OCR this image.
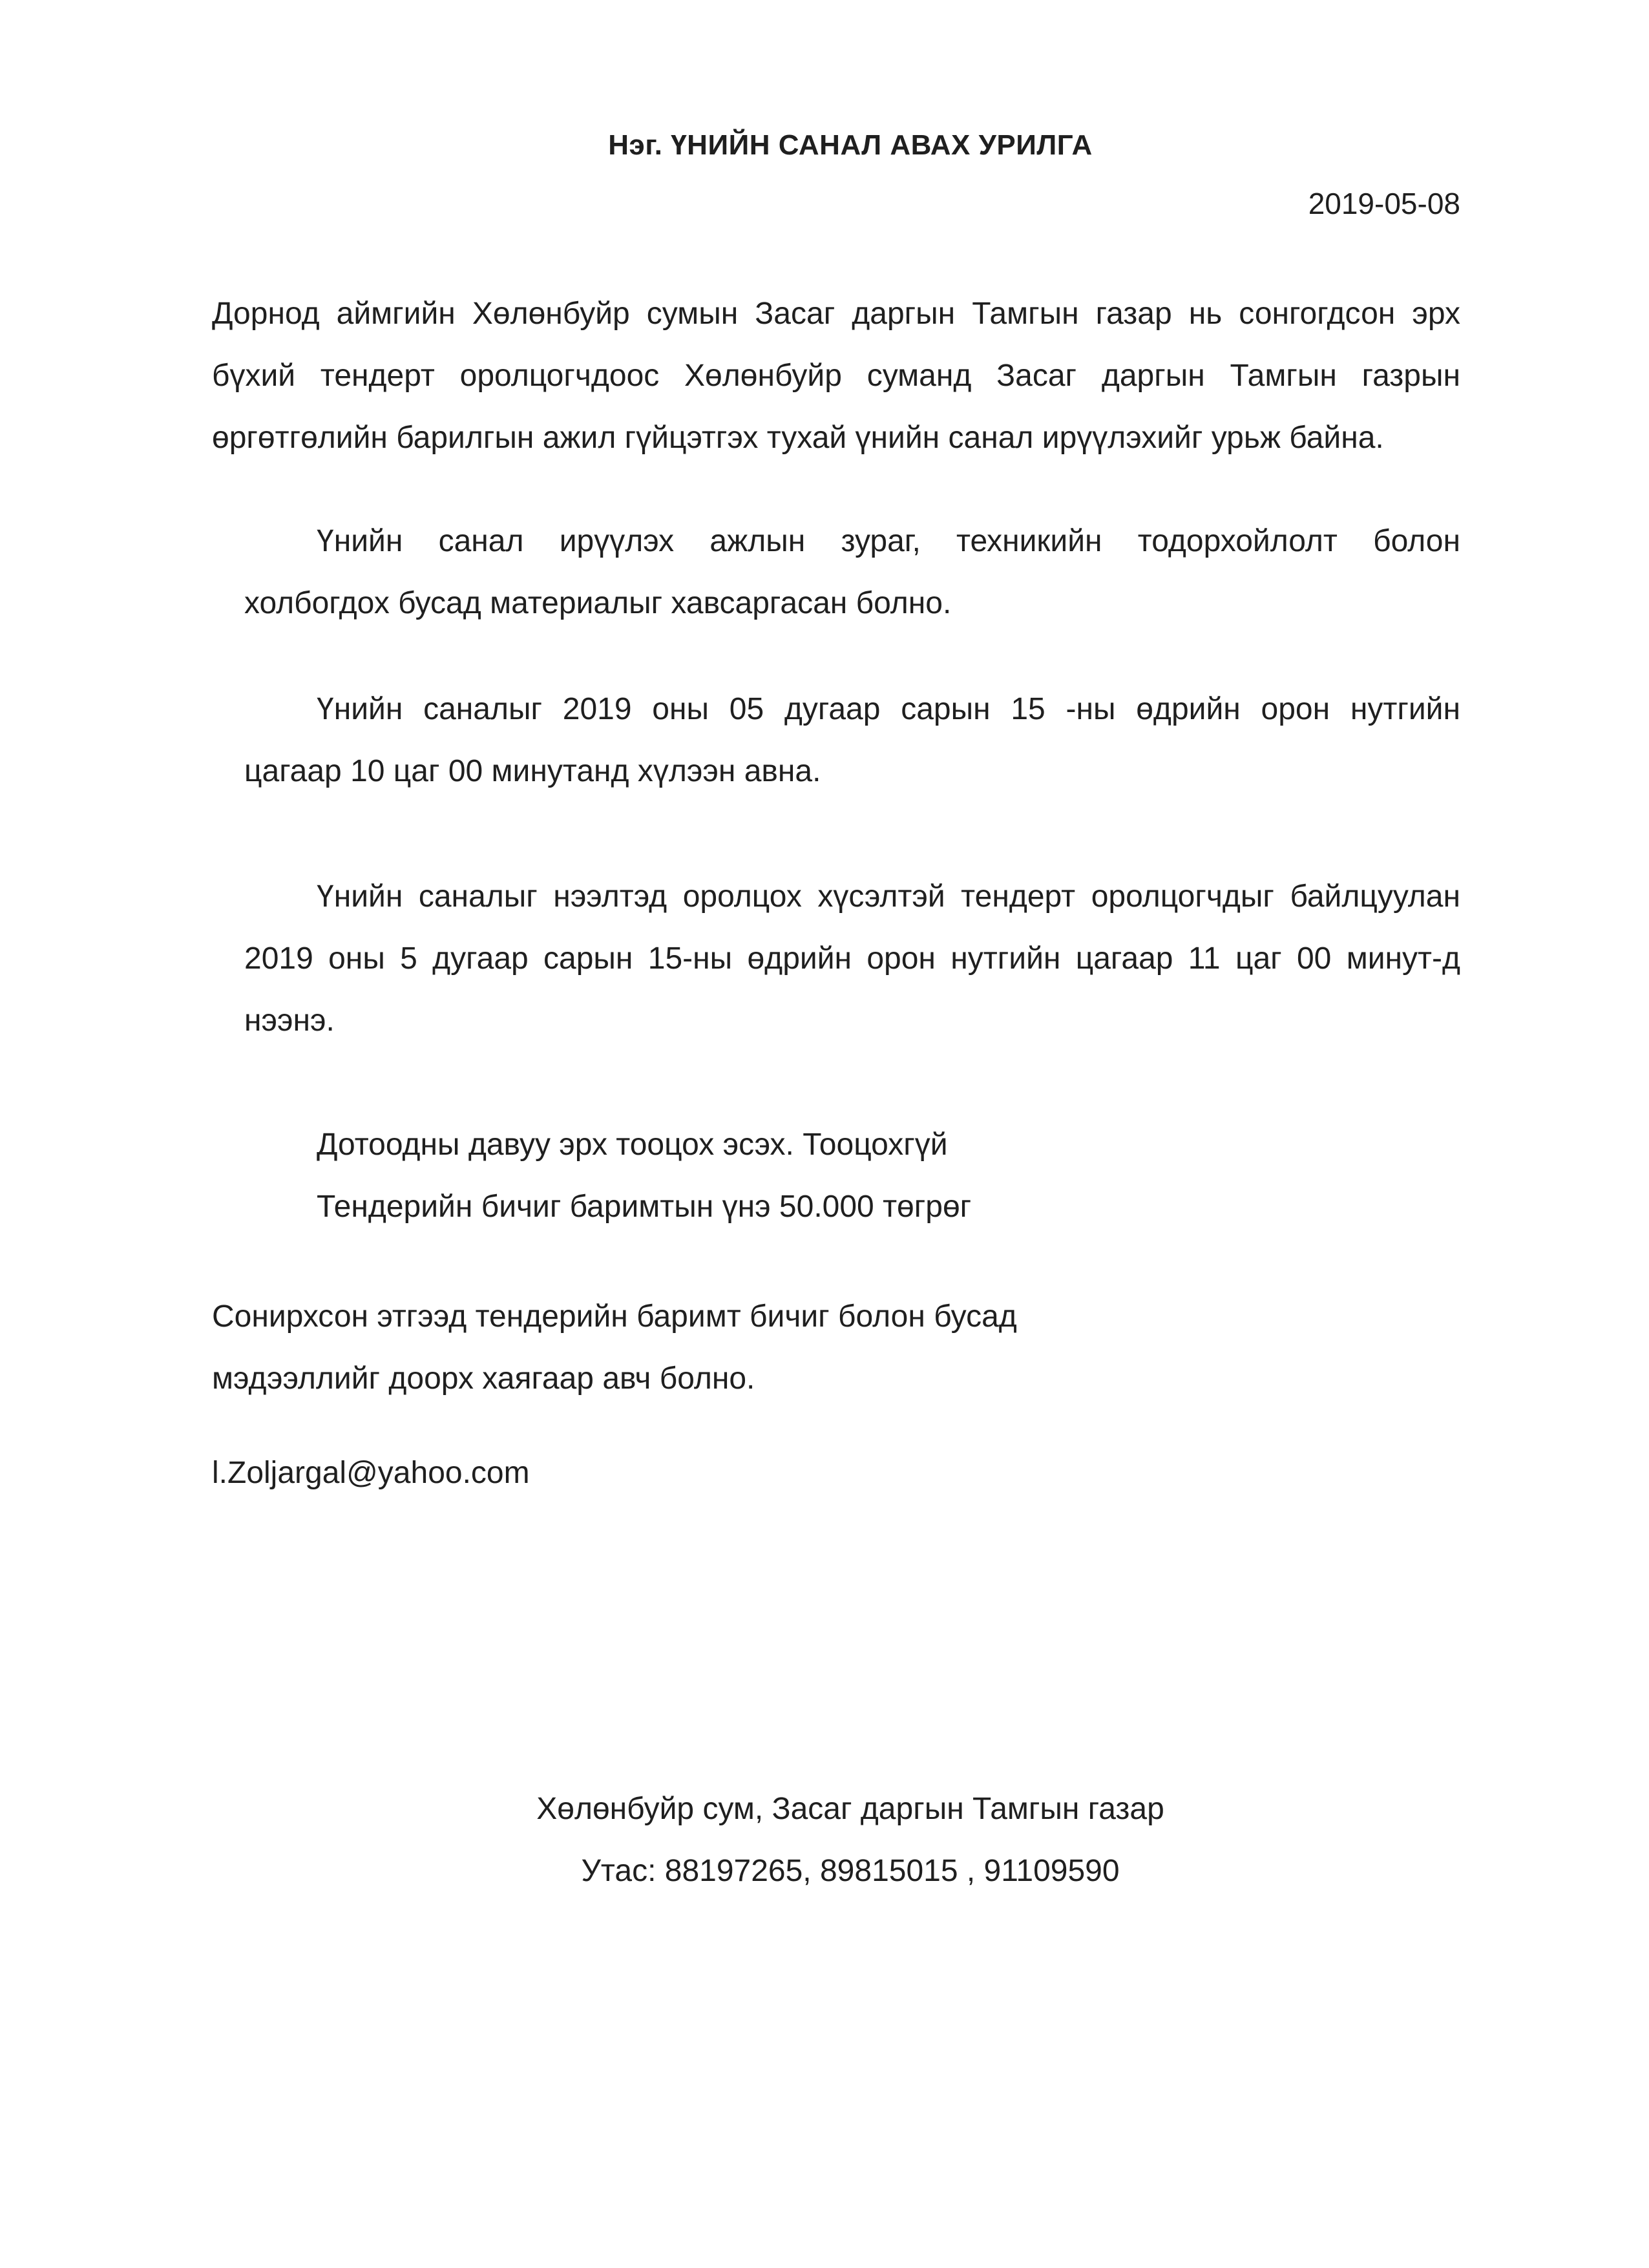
Нэг. ҮНИЙН САНАЛ АВАХ УРИЛГА
2019-05-08
Дорнод аймгийн Хөлөнбуйр сумын Засаг даргын Тамгын газар нь сонгогдсон эрх
бүхий тендерт оролцогчдоос Хөлөнбуйр суманд Засаг даргын Тамгын газрын
өргөтгөлийн барилгын ажил гүйцэтгэх тухай үнийн санал ирүүлэхийг урьж байна.
Үнийн санал ирүүлэх ажлын зураг, техникийн тодорхойлолт болон
холбогдох бусад материалыг хавсаргасан болно.
Үнийн саналыг 2019 оны 05 дугаар сарын 15 -ны өдрийн орон нутгийн
цагаар 10 цаг 00 минутанд хүлээн авна.
Үнийн саналыг нээлтэд оролцох хүсэлтэй тендерт оролцогчдыг байлцуулан
2019 оны 5 дугаар сарын 15-ны өдрийн орон нутгийн цагаар 11 цаг 00 минут-д
нээнэ.
Дотоодны давуу эрх тооцох эсэх. Тооцохгүй
Тендерийн бичиг баримтын үнэ 50.000 төгрөг
Сонирхсон этгээд тендерийн баримт бичиг болон бусад
мэдээллийг доорх хаягаар авч болно.
l.Zoljargal@yahoo.com
Хөлөнбуйр сум, Засаг даргын Тамгын газар
Утас: 88197265, 89815015 , 91109590
